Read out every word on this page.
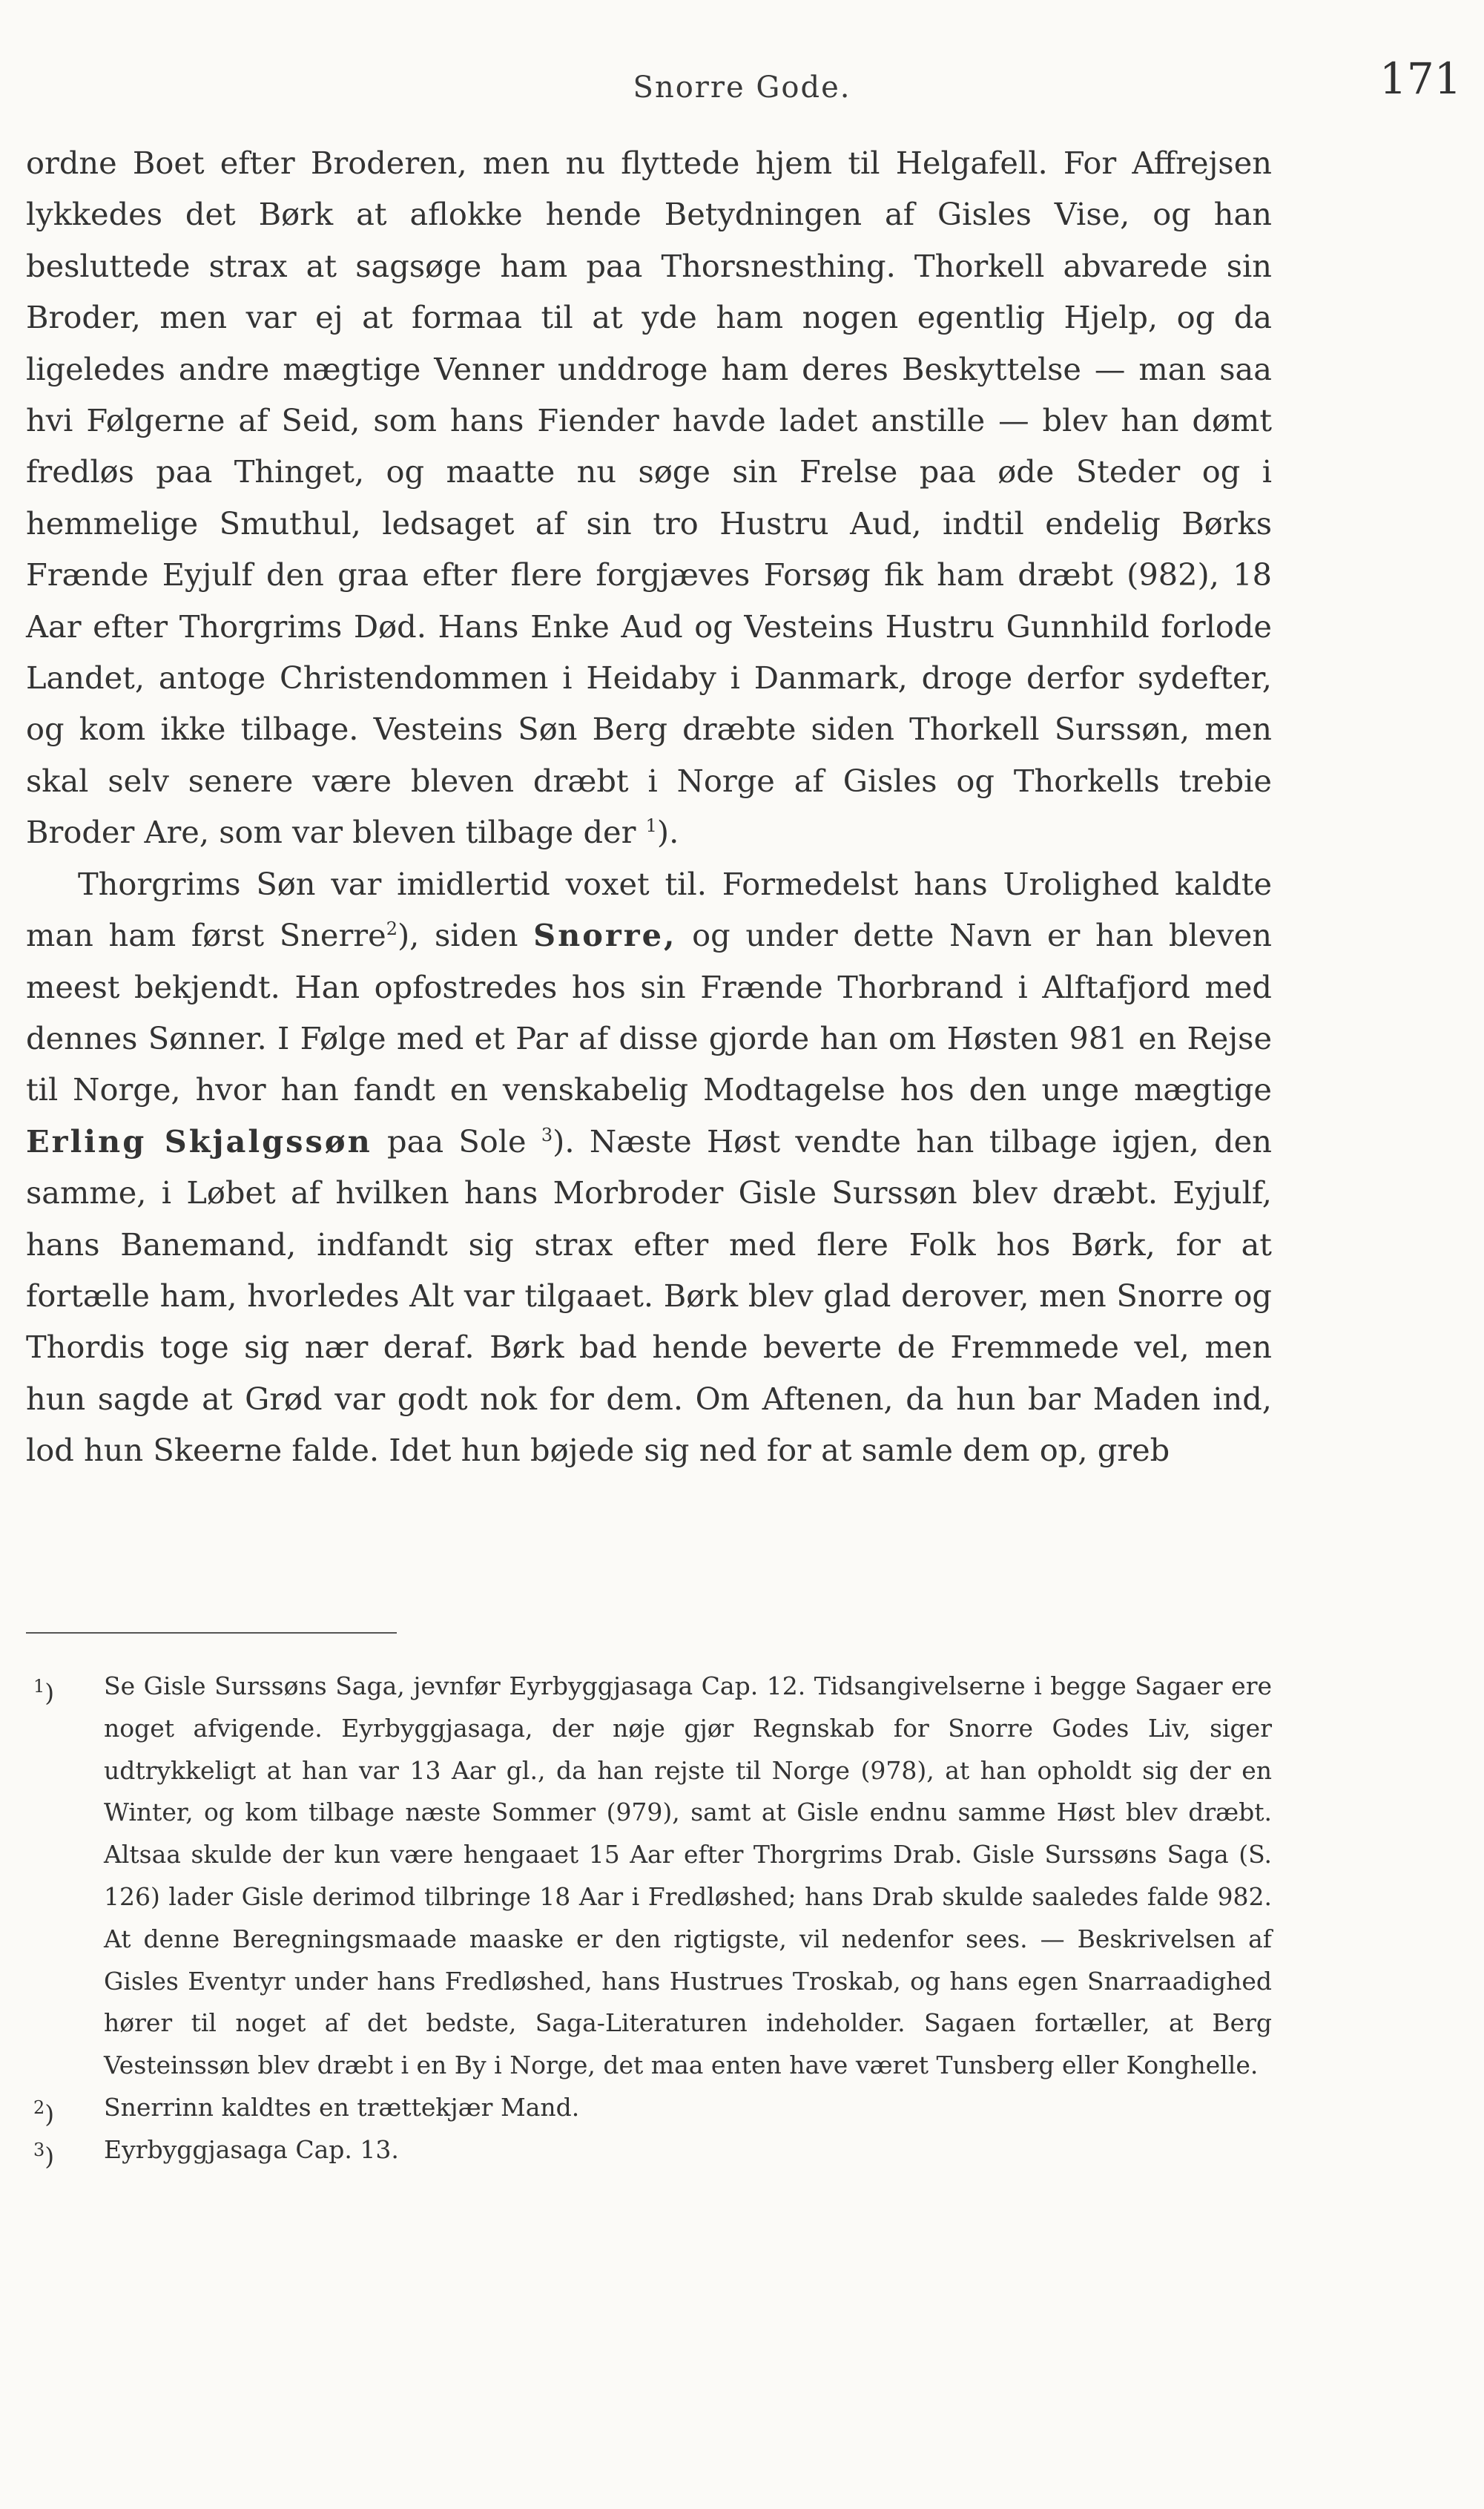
Snorre Gode.	171

ordne Boet efter Broderen, men nu flyttede hjem til Helgafell. For Affrejsen lykkedes det Børk at aflokke hende Betydningen af Gisles Vise, og han besluttede strax at sagsøge ham paa Thorsnesthing. Thorkell abvarede sin Broder, men var ej at formaa til at yde ham nogen egentlig Hjelp, og da ligeledes andre mægtige Venner unddroge ham deres Beskyttelse — man saa hvi Følgerne af Seid, som hans Fiender havde ladet anstille — blev han dømt fredløs paa Thinget, og maatte nu søge sin Frelse paa øde Steder og i hemmelige Smuthul, ledsaget af sin tro Hustru Aud, indtil endelig Børks Frænde Eyjulf den graa efter flere forgjæves Forsøg fik ham dræbt (982), 18 Aar efter Thorgrims Død. Hans Enke Aud og Vesteins Hustru Gunnhild forlode Landet, antoge Christendommen i Heidaby i Danmark, droge derfor sydefter, og kom ikke tilbage. Vesteins Søn Berg dræbte siden Thorkell Surssøn, men skal selv senere være bleven dræbt i Norge af Gisles og Thorkells trebie Broder Are, som var bleven tilbage der $^1$).

Thorgrims Søn var imidlertid voxet til. Formedelst hans Urolighed kaldte man ham først Snerre$^2$), siden Snorre, og under dette Navn er han bleven meest bekjendt. Han opfostredes hos sin Frænde Thorbrand i Alftafjord med dennes Sønner. I Følge med et Par af disse gjorde han om Høsten 981 en Rejse til Norge, hvor han fandt en venskabelig Modtagelse hos den unge mægtige Erling Skjalgssøn paa Sole $^3$). Næste Høst vendte han tilbage igjen, den samme, i Løbet af hvilken hans Morbroder Gisle Surssøn blev dræbt. Eyjulf, hans Banemand, indfandt sig strax efter med flere Folk hos Børk, for at fortælle ham, hvorledes Alt var tilgaaet. Børk blev glad derover, men Snorre og Thordis toge sig nær deraf. Børk bad hende beverte de Fremmede vel, men hun sagde at Grød var godt nok for dem. Om Aftenen, da hun bar Maden ind, lod hun Skeerne falde. Idet hun bøjede sig ned for at samle dem op, greb

$^1$) Se Gisle Surssøns Saga, jevnfør Eyrbyggjasaga Cap. 12. Tidsangivelserne i begge Sagaer ere noget afvigende. Eyrbyggjasaga, der nøje gjør Regnskab for Snorre Godes Liv, siger udtrykkeligt at han var 13 Aar gl., da han rejste til Norge (978), at han opholdt sig der en Winter, og kom tilbage næste Sommer (979), samt at Gisle endnu samme Høst blev dræbt. Altsaa skulde der kun være hengaaet 15 Aar efter Thorgrims Drab. Gisle Surssøns Saga (S. 126) lader Gisle derimod tilbringe 18 Aar i Fredløshed; hans Drab skulde saaledes falde 982. At denne Beregningsmaade maaske er den rigtigste, vil nedenfor sees. — Beskrivelsen af Gisles Eventyr under hans Fredløshed, hans Hustrues Troskab, og hans egen Snarraadighed hører til noget af det bedste, Saga-Literaturen indeholder. Sagaen fortæller, at Berg Vesteinssøn blev dræbt i en By i Norge, det maa enten have været Tunsberg eller Konghelle.

$^2$) Snerrinn kaldtes en trættekjær Mand.

$^3$) Eyrbyggjasaga Cap. 13.
